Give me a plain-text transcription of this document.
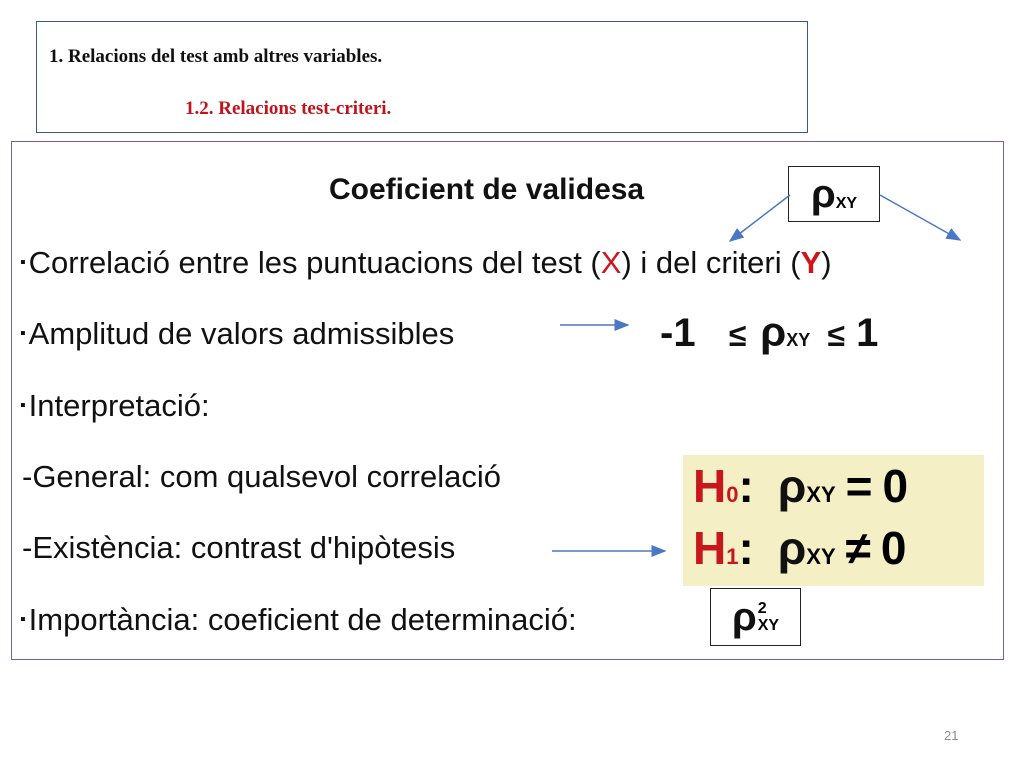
1. Relacions del test amb altres variables.
1.2. Relacions test-criteri.
Coeficient de validesa	ρ XY
▪Correlació entre les puntuacions del test (X) i del criteri (Y)
▪Amplitud de valors admissibles	-1 ≤ ρXY ≤ 1
▪Interpretació:
-General: com qualsevol correlació
-Existència: contrast d'hipòtesis
▪Importància: coeficient de determinació:	ρ 2
XY
H0: ρXY = 0
H1: ρXY ≠ 0
21
